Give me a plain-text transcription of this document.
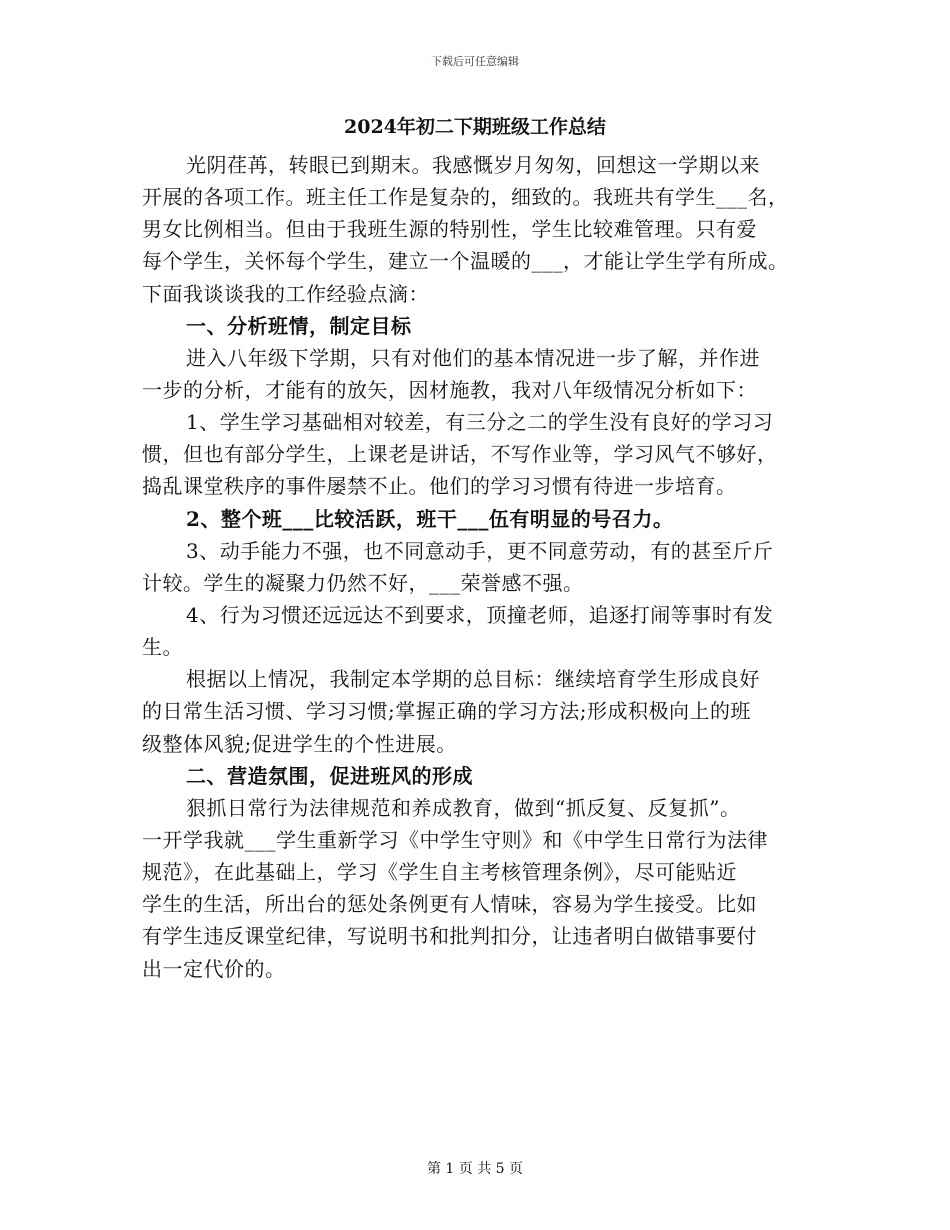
下载后可任意编辑
2024年初二下期班级工作总结
光阴荏苒，转眼已到期末。我感慨岁月匆匆，回想这一学期以来
开展的各项工作。班主任工作是复杂的，细致的。我班共有学生___名，
男女比例相当。但由于我班生源的特别性，学生比较难管理。只有爱
每个学生，关怀每个学生，建立一个温暖的___，才能让学生学有所成。
下面我谈谈我的工作经验点滴：
一、分析班情，制定目标
进入八年级下学期，只有对他们的基本情况进一步了解，并作进
一步的分析，才能有的放矢，因材施教，我对八年级情况分析如下：
1、学生学习基础相对较差，有三分之二的学生没有良好的学习习
惯，但也有部分学生，上课老是讲话，不写作业等，学习风气不够好，
捣乱课堂秩序的事件屡禁不止。他们的学习习惯有待进一步培育。
2、整个班___比较活跃，班干___伍有明显的号召力。
3、动手能力不强，也不同意动手，更不同意劳动，有的甚至斤斤
计较。学生的凝聚力仍然不好，___荣誉感不强。
4、行为习惯还远远达不到要求，顶撞老师，追逐打闹等事时有发
生。
根据以上情况，我制定本学期的总目标：继续培育学生形成良好
的日常生活习惯、学习习惯;掌握正确的学习方法;形成积极向上的班
级整体风貌;促进学生的个性进展。
二、营造氛围，促进班风的形成
狠抓日常行为法律规范和养成教育，做到“抓反复、反复抓”。
一开学我就___学生重新学习《中学生守则》和《中学生日常行为法律
规范》，在此基础上，学习《学生自主考核管理条例》，尽可能贴近
学生的生活，所出台的惩处条例更有人情味，容易为学生接受。比如
有学生违反课堂纪律，写说明书和批判扣分，让违者明白做错事要付
出一定代价的。
第 1 页 共 5 页
